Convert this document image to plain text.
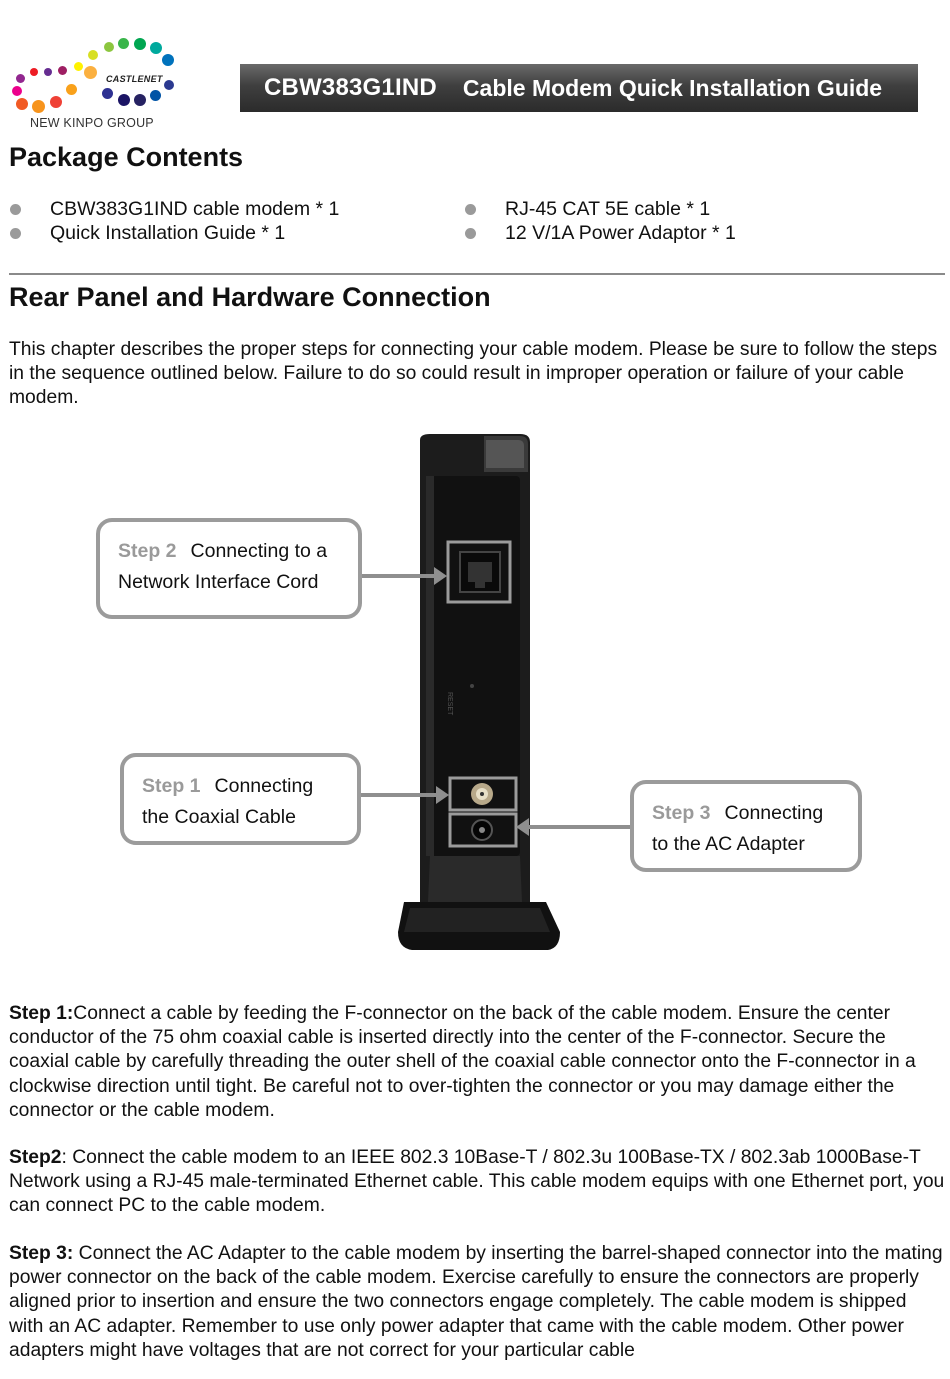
CASTLENET
NEW KINPO GROUP
CBW383G1IND Cable Modem Quick Installation Guide
Package Contents
CBW383G1IND cable modem * 1
Quick Installation Guide * 1
RJ-45 CAT 5E cable * 1
12 V/1A Power Adaptor * 1
Rear Panel and Hardware Connection

This chapter describes the proper steps for connecting your cable modem. Please be sure to follow the steps in the sequence outlined below. Failure to do so could result in improper operation or failure of your cable modem.

RESET
Step 2 Connecting to a
Network Interface Cord
Step 1 Connecting
the Coaxial Cable	Step 3 Connecting
to the AC Adapter

Step 1:Connect a cable by feeding the F-connector on the back of the cable modem. Ensure the center conductor of the 75 ohm coaxial cable is inserted directly into the center of the F-connector. Secure the coaxial cable by carefully threading the outer shell of the coaxial cable connector onto the F-connector in a clockwise direction until tight. Be careful not to over-tighten the connector or you may damage either the connector or the cable modem.

Step2: Connect the cable modem to an IEEE 802.3 10Base-T / 802.3u 100Base-TX / 802.3ab 1000Base-T Network using a RJ-45 male-terminated Ethernet cable. This cable modem equips with one Ethernet port, you can connect PC to the cable modem.

Step 3: Connect the AC Adapter to the cable modem by inserting the barrel-shaped connector into the mating power connector on the back of the cable modem. Exercise carefully to ensure the connectors are properly aligned prior to insertion and ensure the two connectors engage completely. The cable modem is shipped with an AC adapter. Remember to use only power adapter that came with the cable modem. Other power adapters might have voltages that are not correct for your particular cable
